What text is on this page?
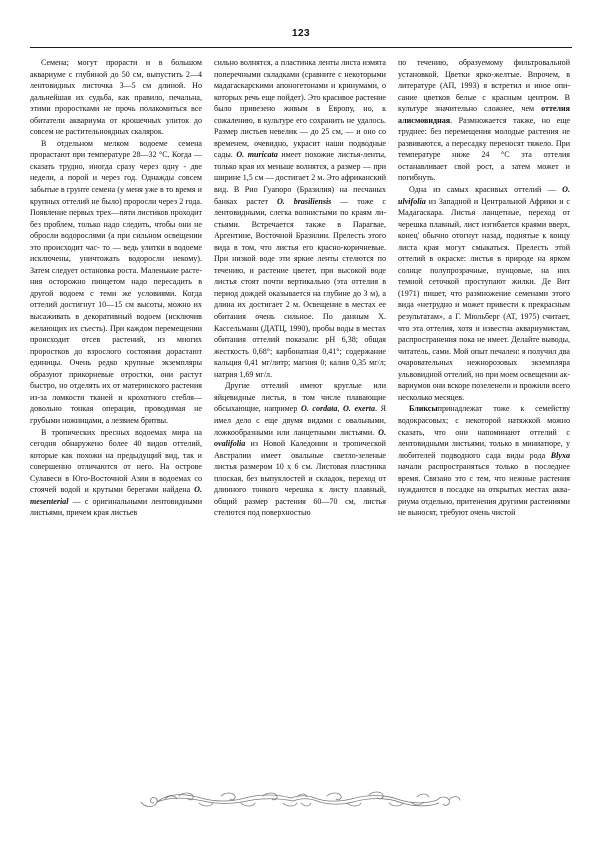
123

Семена; могут прорасти и в большом аквариуме с глубиной до 50 см, выпустить 2—4 лентовидных листочка 3—5 см длиной. Но дальнейшая их судьба, как правило, печальна, этими проростками не прочь полакомиться все обитатели аквариума от крошечных улиток до совсем не растительноядных скалярок.

В отдельном мелком водоеме семена прорастают при температуре 28—32 °С. Когда — сказать трудно, иногда сразу через одну - две недели, а порой и через год. Однажды совсем забытые в грунте семена (у меня уже в то время и крупных оттелий не было) проросли через 2 года. Появление первых трех—пяти листиков проходит без проблем, только надо следить, чтобы они не обросли водорослями (а при сильном освещении это происходит час- то — ведь улитки в водоеме исключены, уничтожать водоросли некому). Затем следует остановка роста. Маленькие растения осторожно пинцетом надо пересадить в другой водоем с теми же условиями. Когда оттелий достигнут 10—15 см высоты, можно их высаживать в декоративный водоем (исключив желающих их съесть). При каждом перемещении происходит отсев растений, из многих проростков до взрослого состояния дорастают единицы. Очень редко крупные экземпляры образуют прикорневые отростки, они растут быстро, но отделять их от материнского растения из-за ломкости тканей и крохотного стебля—довольно тонкая операция, проводимая не грубыми ножницами, а лезвием бритвы.

В тропических пресных водоемах мира на сегодня обнаружено более 40 видов оттелий, которые как похожи на предыдущий вид, так и совершенно отличаются от него. На острове Сулавеси в Юго-Восточной Азии в водоемах со стоячей водой и крутыми берегами найдена O. mesenterial — с оригинальными лентовидными листьями, причем края листьев

сильно волнятся, а пластинка ленты листа измята поперечными складками (сравните с некоторыми мадагаскарскими апоногетонами и кринумами, о которых речь еще пойдет). Это красивое растение было привезено живым в Европу, но, к сожалению, в культуре его сохранить не удалось. Размер листьев невелик — до 25 см, — и оно со временем, очевидно, украсит наши подводные сады. O. muricata имеет похожие листья-ленты, только края их меньше волнятся, а размер — при ширине 1,5 см — достигает 2 м. Это африканский вид. В Рио Гуапоро (Бразилия) на песчаных банках растет O. brasiliensis — тоже с лентовидными, слегка волнистыми по краям листьями. Встречается также в Парагвае, Аргентине, Восточной Бразилии. Прелесть этого вида в том, что листья его красно-коричневые. При низкой воде эти яркие ленты стелются по течению, и растение цветет, при высокой воде листья стоят почти вертикально (эта оттелия в период дождей оказывается на глубине до 3 м), а длина их достигает 2 м. Освещение в местах ее обитания очень сильное. По данным X. Кассельманн (ДАТЦ, 1990), пробы воды в местах обитания оттелий показали: pH 6,38; общая жесткость 0,68°; карбонатная 0,41°; содержание кальция 0,41 мг/литр; магния 0; калия 0,35 мг/л; натрия 1,69 мг/л.

Другие оттелий имеют круглые или яйцевидные листья, в том числе плавающие обсыхающие, например O. cordata, O. exerta. Я имел дело с еще двумя видами с овальными, ложкообразными или ланцетными листьями. O. ovalifolia из Новой Каледонии и тропической Австралии имеет овальные светло-зеленые листья размером 10 x 6 см. Листовая пластинка плоская, без выпуклостей и складок, переход от длинного тонкого черешка к листу плавный, общий размер растения 60—70 см, листья стелются под поверхностью

по течению, образуемому фильтровальной установкой. Цветки ярко-желтые. Впрочем, в литературе (АП, 1993) я встретил и иное описание цветков белые с красным центром. В культуре значительно сложнее, чем оттелия алисмовидная. Размножается также, но еще труднее: без перемещения молодые растения не развиваются, а пересадку переносят тяжело. При температуре ниже 24 °С эта оттелия останавливает свой рост, а затем может и погибнуть.

Одна из самых красивых оттелий — O. ulvifolia из Западной и Центральной Африки и с Мадагаскара. Листья ланцетные, переход от черешка плавный, лист изгибается краями вверх, конец' обычно отогнут назад, поднятые к концу листа края могут смыкаться. Прелесть этой оттелий в окраске: листья в природе на ярком солнце полупрозрачные, пунцовые, на них темной сеточкой проступают жилки. Де Вит (1971) пишет, что размножение семенами этого вида «нетрудно и может привести к прекрасным результатам», а Г. Мюльберг (AT, 1975) считает, что эта оттелия, хотя и известна аквариумистам, распространения пока не имеет. Делайте выводы, читатель, сами. Мой опыт печален: я получил два очаровательных нежнорозовых экземпляра ульвовидной оттелий, но при моем освещении аквариумов они вскоре позеленели и прожили всего несколько месяцев.

Бликсыпринадлежат тоже к семейству водокрасовых; с некоторой натяжкой можно сказать, что они напоминают оттелий с лентовидными листьями, только в миниатюре, у любителей подводного сада виды рода Blyxa начали распространяться только в последнее время. Связано это с тем, что нежные растения нуждаются в посадке на открытых местах аквариума отдельно, притенения другими растениями не выносят, требуют очень чистой
